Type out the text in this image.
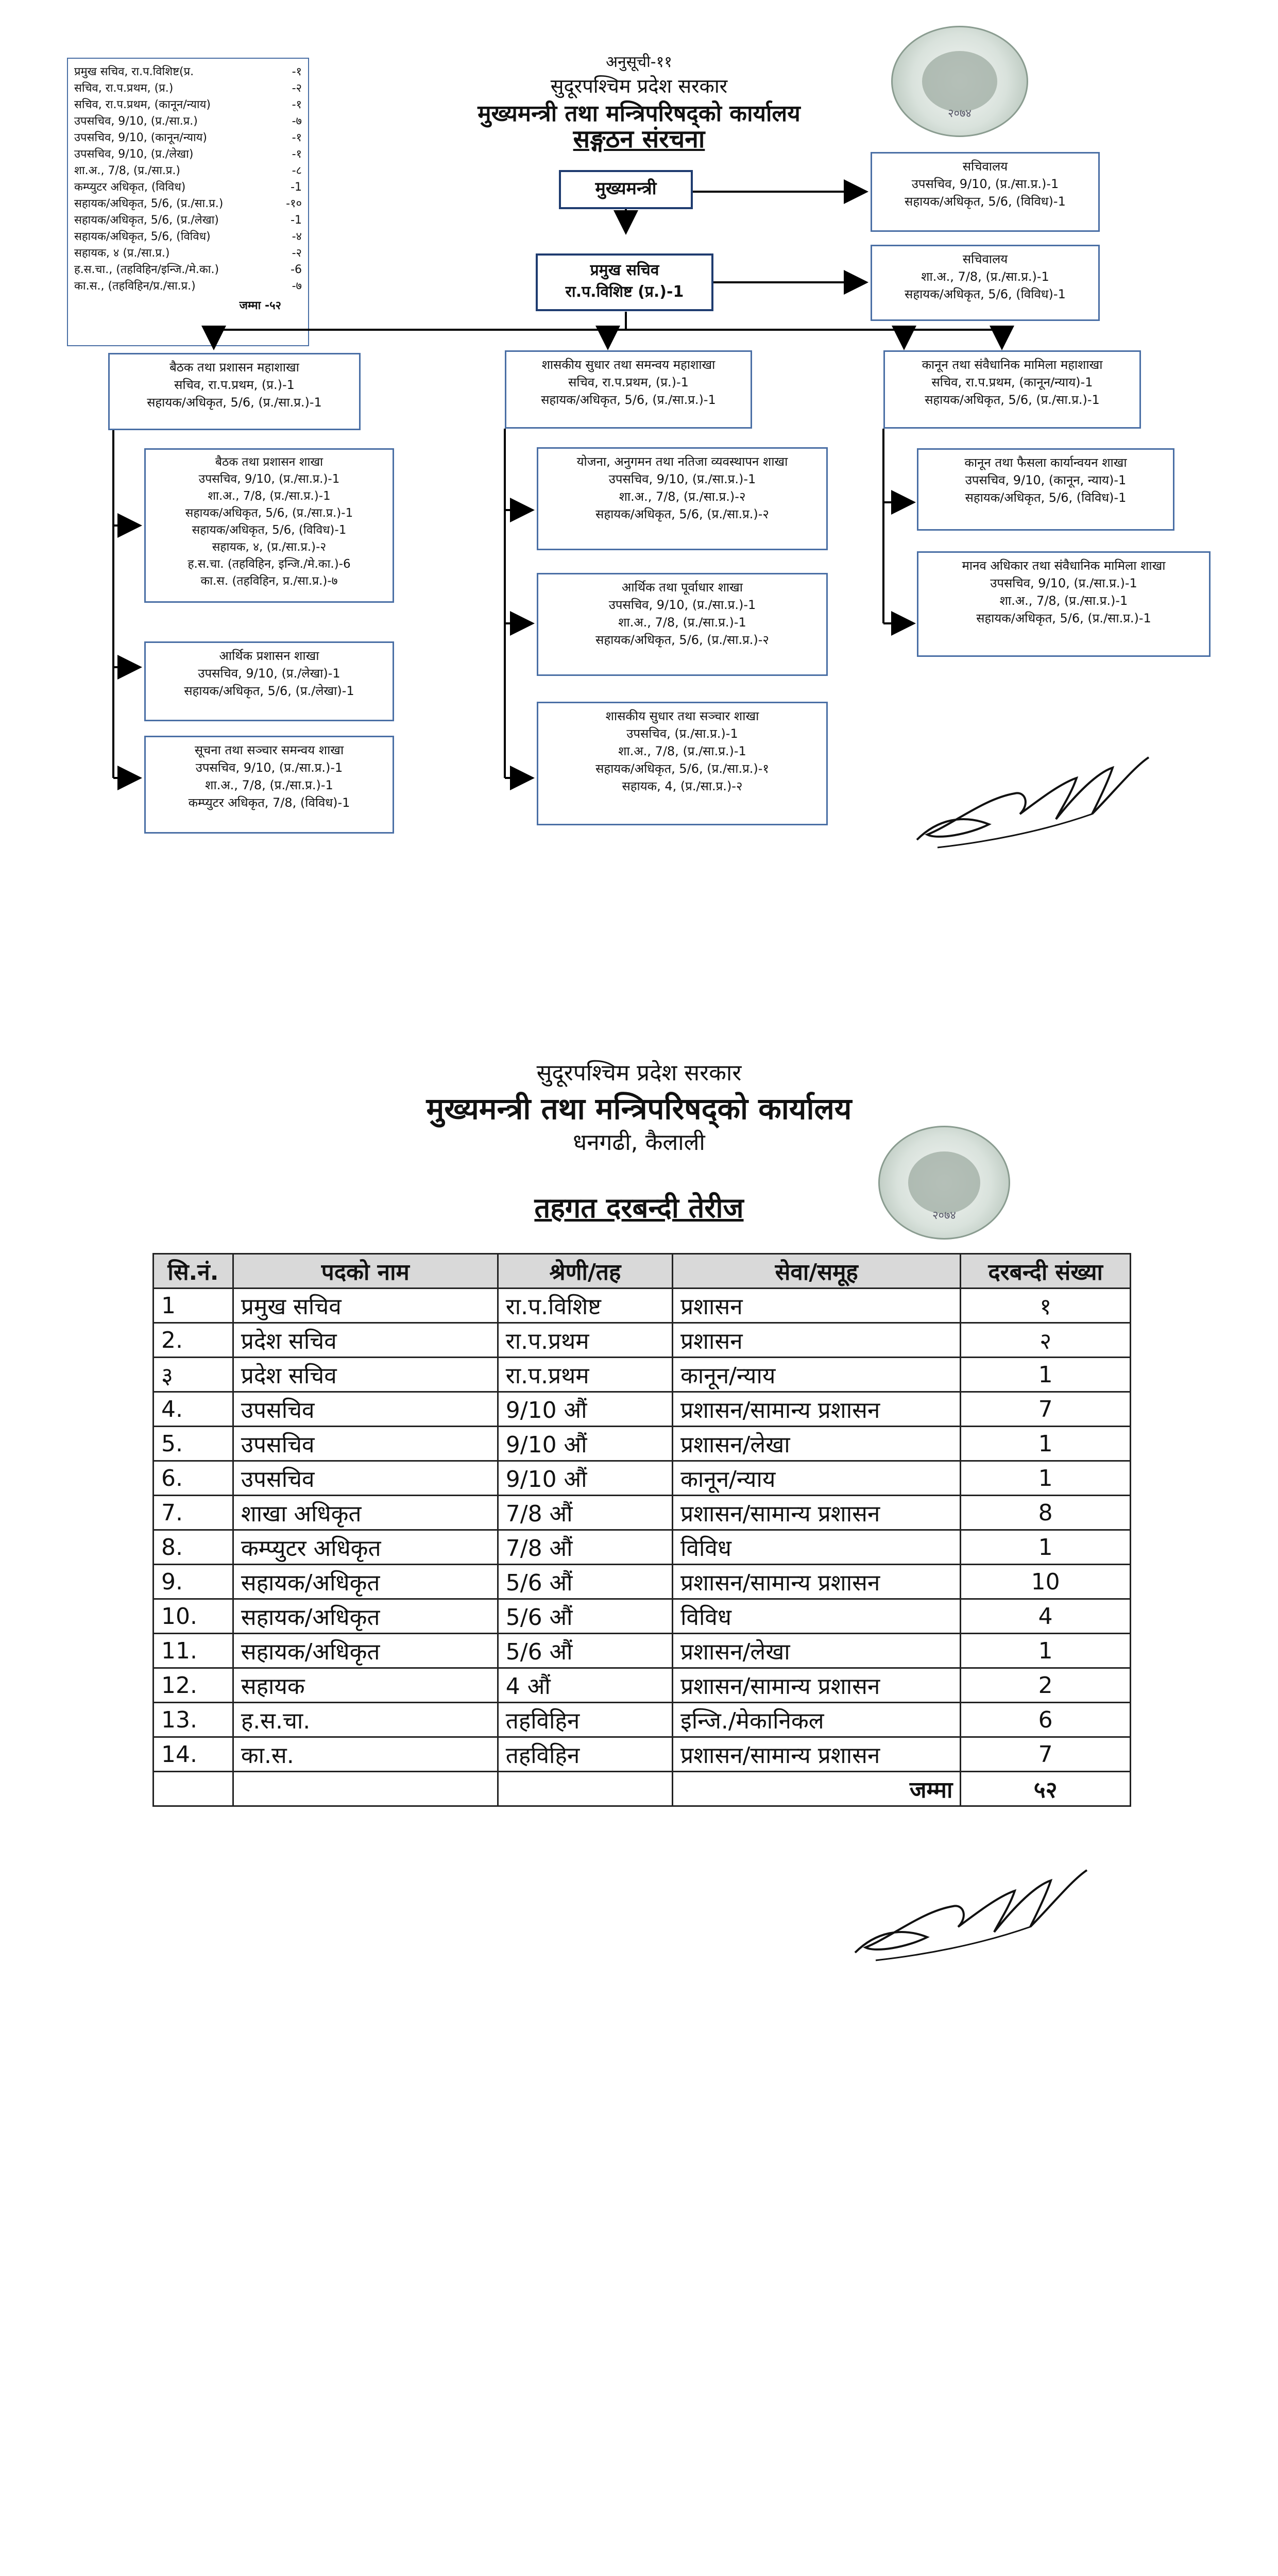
अनुसूची-११
सुदूरपश्चिम प्रदेश सरकार
मुख्यमन्त्री तथा मन्त्रिपरिषद्को कार्यालय
सङ्गठन संरचना
२०७४
प्रमुख सचिव, रा.प.विशिष्ट(प्र.	-१
सचिव, रा.प.प्रथम, (प्र.)	-२
सचिव, रा.प.प्रथम, (कानून/न्याय)	-१
उपसचिव, 9/10, (प्र./सा.प्र.)	-७
उपसचिव, 9/10, (कानून/न्याय)	-१
उपसचिव, 9/10, (प्र./लेखा)	-१
शा.अ., 7/8, (प्र./सा.प्र.)	-८
कम्प्युटर अधिकृत, (विविध)	-1
सहायक/अधिकृत, 5/6, (प्र./सा.प्र.)	-१०
सहायक/अधिकृत, 5/6, (प्र./लेखा)	-1
सहायक/अधिकृत, 5/6, (विविध)	-४
सहायक, ४ (प्र./सा.प्र.)	-२
ह.स.चा., (तहविहिन/इन्जि./मे.का.)	-6
का.स., (तहविहिन/प्र./सा.प्र.)	-७
जम्मा -५२
मुख्यमन्त्री
प्रमुख सचिव
रा.प.विशिष्ट (प्र.)-1
सचिवालय
उपसचिव, 9/10, (प्र./सा.प्र.)-1
सहायक/अधिकृत, 5/6, (विविध)-1
सचिवालय
शा.अ., 7/8, (प्र./सा.प्र.)-1
सहायक/अधिकृत, 5/6, (विविध)-1
बैठक तथा प्रशासन महाशाखा
सचिव, रा.प.प्रथम, (प्र.)-1
सहायक/अधिकृत, 5/6, (प्र./सा.प्र.)-1
शासकीय सुधार तथा समन्वय महाशाखा
सचिव, रा.प.प्रथम, (प्र.)-1
सहायक/अधिकृत, 5/6, (प्र./सा.प्र.)-1
कानून तथा संवैधानिक मामिला महाशाखा
सचिव, रा.प.प्रथम, (कानून/न्याय)-1
सहायक/अधिकृत, 5/6, (प्र./सा.प्र.)-1
बैठक तथा प्रशासन शाखा
उपसचिव, 9/10, (प्र./सा.प्र.)-1
शा.अ., 7/8, (प्र./सा.प्र.)-1
सहायक/अधिकृत, 5/6, (प्र./सा.प्र.)-1
सहायक/अधिकृत, 5/6, (विविध)-1
सहायक, ४, (प्र./सा.प्र.)-२
ह.स.चा. (तहविहिन, इन्जि./मे.का.)-6
का.स. (तहविहिन, प्र./सा.प्र.)-७
आर्थिक प्रशासन शाखा
उपसचिव, 9/10, (प्र./लेखा)-1
सहायक/अधिकृत, 5/6, (प्र./लेखा)-1
सूचना तथा सञ्चार समन्वय शाखा
उपसचिव, 9/10, (प्र./सा.प्र.)-1
शा.अ., 7/8, (प्र./सा.प्र.)-1
कम्प्युटर अधिकृत, 7/8, (विविध)-1
योजना, अनुगमन तथा नतिजा व्यवस्थापन शाखा
उपसचिव, 9/10, (प्र./सा.प्र.)-1
शा.अ., 7/8, (प्र./सा.प्र.)-२
सहायक/अधिकृत, 5/6, (प्र./सा.प्र.)-२
आर्थिक तथा पूर्वाधार शाखा
उपसचिव, 9/10, (प्र./सा.प्र.)-1
शा.अ., 7/8, (प्र./सा.प्र.)-1
सहायक/अधिकृत, 5/6, (प्र./सा.प्र.)-२
शासकीय सुधार तथा सञ्चार शाखा
उपसचिव, (प्र./सा.प्र.)-1
शा.अ., 7/8, (प्र./सा.प्र.)-1
सहायक/अधिकृत, 5/6, (प्र./सा.प्र.)-१
सहायक, 4, (प्र./सा.प्र.)-२
कानून तथा फैसला कार्यान्वयन शाखा
उपसचिव, 9/10, (कानून, न्याय)-1
सहायक/अधिकृत, 5/6, (विविध)-1
मानव अधिकार तथा संवैधानिक मामिला शाखा
उपसचिव, 9/10, (प्र./सा.प्र.)-1
शा.अ., 7/8, (प्र./सा.प्र.)-1
सहायक/अधिकृत, 5/6, (प्र./सा.प्र.)-1
सुदूरपश्चिम प्रदेश सरकार
मुख्यमन्त्री तथा मन्त्रिपरिषद्को कार्यालय
धनगढी, कैलाली
तहगत दरबन्दी तेरीज	२०७४
सि.नं.	पदको नाम	श्रेणी/तह	सेवा/समूह	दरबन्दी संख्या
1	प्रमुख सचिव	रा.प.विशिष्ट	प्रशासन	१
2.	प्रदेश सचिव	रा.प.प्रथम	प्रशासन	२
३	प्रदेश सचिव	रा.प.प्रथम	कानून/न्याय	1
4.	उपसचिव	9/10 औं	प्रशासन/सामान्य प्रशासन	7
5.	उपसचिव	9/10 औं	प्रशासन/लेखा	1
6.	उपसचिव	9/10 औं	कानून/न्याय	1
7.	शाखा अधिकृत	7/8 औं	प्रशासन/सामान्य प्रशासन	8
8.	कम्प्युटर अधिकृत	7/8 औं	विविध	1
9.	सहायक/अधिकृत	5/6 औं	प्रशासन/सामान्य प्रशासन	10
10.	सहायक/अधिकृत	5/6 औं	विविध	4
11.	सहायक/अधिकृत	5/6 औं	प्रशासन/लेखा	1
12.	सहायक	4 औं	प्रशासन/सामान्य प्रशासन	2
13.	ह.स.चा.	तहविहिन	इन्जि./मेकानिकल	6
14.	का.स.	तहविहिन	प्रशासन/सामान्य प्रशासन	7
			जम्मा	५२
